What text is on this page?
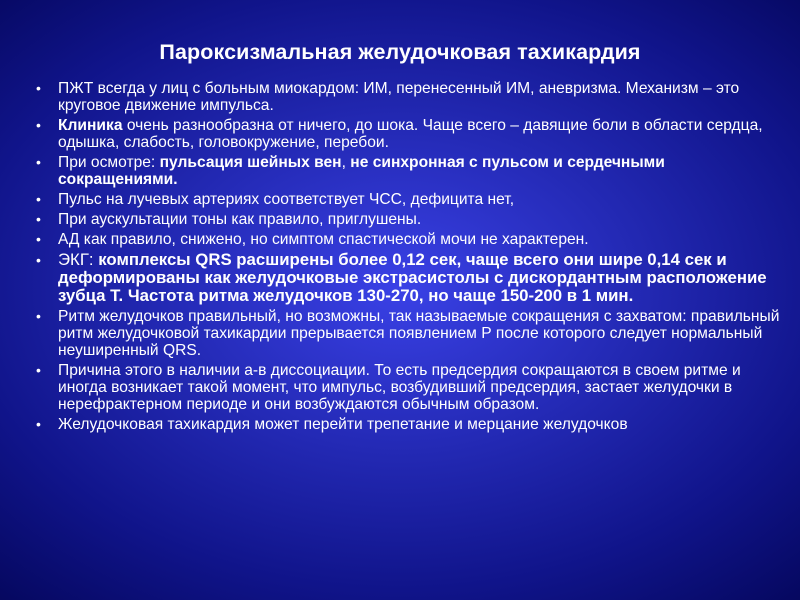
Пароксизмальная желудочковая тахикардия
• ПЖТ всегда у лиц с больным миокардом: ИМ, перенесенный ИМ, аневризма. Механизм – это круговое движение импульса.
• Клиника очень разнообразна от ничего, до шока. Чаще всего – давящие боли в области сердца, одышка, слабость, головокружение, перебои.
• При осмотре: пульсация шейных вен, не синхронная с пульсом и сердечными сокращениями.
• Пульс на лучевых артериях соответствует ЧСС, дефицита нет,
• При аускультации тоны как правило, приглушены.
• АД как правило, снижено, но симптом спастической мочи не характерен.
• ЭКГ: комплексы QRS расширены более 0,12 сек, чаще всего они шире 0,14 сек и деформированы как желудочковые экстрасистолы с дискордантным расположение зубца Т. Частота ритма желудочков 130-270, но чаще 150-200 в 1 мин.
• Ритм желудочков правильный, но возможны, так называемые сокращения с захватом: правильный ритм желудочковой тахикардии прерывается появлением Р после которого следует нормальный неуширенный QRS.
• Причина этого в наличии а-в диссоциации. То есть предсердия сокращаются в своем ритме и иногда возникает такой момент, что импульс, возбудивший предсердия, застает желудочки в нерефрактерном периоде и они возбуждаются обычным образом.
• Желудочковая тахикардия может перейти трепетание и мерцание желудочков
